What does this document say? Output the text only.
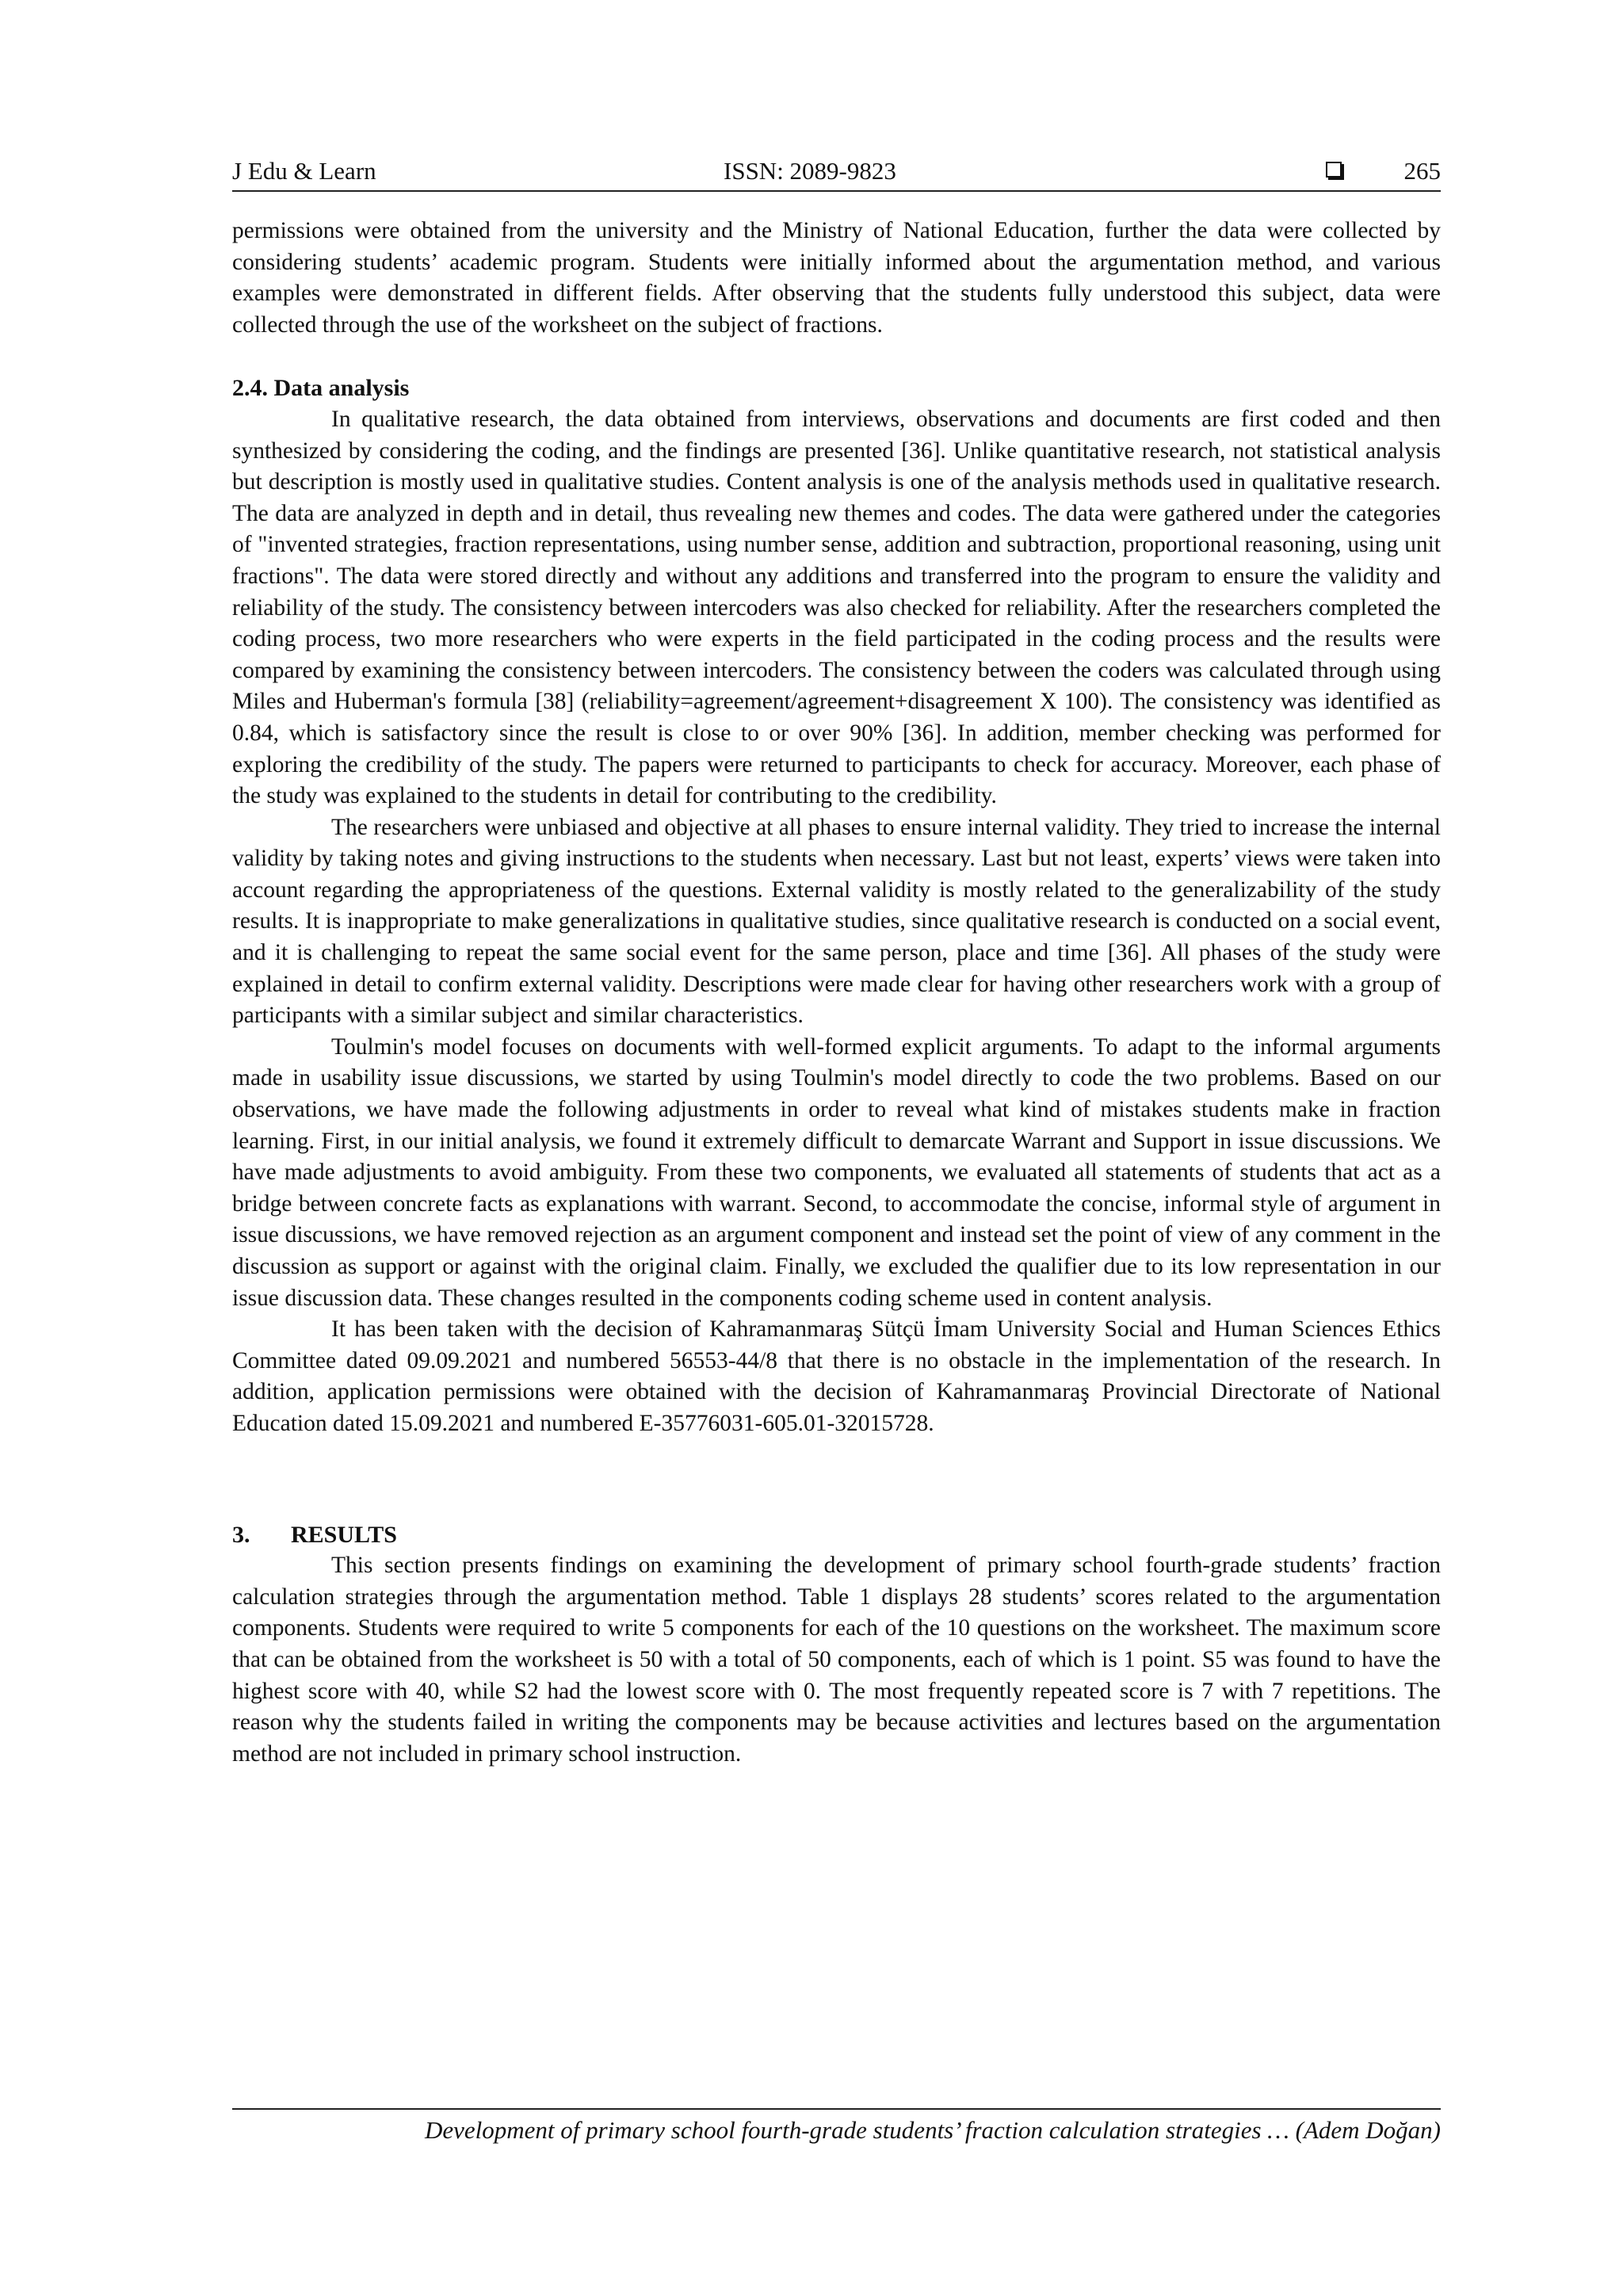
J Edu & Learn	ISSN: 2089-9823	265

permissions were obtained from the university and the Ministry of National Education, further the data were collected by considering students’ academic program. Students were initially informed about the argumentation method, and various examples were demonstrated in different fields. After observing that the students fully understood this subject, data were collected through the use of the worksheet on the subject of fractions.

2.4. Data analysis

In qualitative research, the data obtained from interviews, observations and documents are first coded and then synthesized by considering the coding, and the findings are presented [36]. Unlike quantitative research, not statistical analysis but description is mostly used in qualitative studies. Content analysis is one of the analysis methods used in qualitative research. The data are analyzed in depth and in detail, thus revealing new themes and codes. The data were gathered under the categories of "invented strategies, fraction representations, using number sense, addition and subtraction, proportional reasoning, using unit fractions". The data were stored directly and without any additions and transferred into the program to ensure the validity and reliability of the study. The consistency between intercoders was also checked for reliability. After the researchers completed the coding process, two more researchers who were experts in the field participated in the coding process and the results were compared by examining the consistency between intercoders. The consistency between the coders was calculated through using Miles and Huberman's formula [38] (reliability=agreement/agreement+disagreement X 100). The consistency was identified as 0.84, which is satisfactory since the result is close to or over 90% [36]. In addition, member checking was performed for exploring the credibility of the study. The papers were returned to participants to check for accuracy. Moreover, each phase of the study was explained to the students in detail for contributing to the credibility.

The researchers were unbiased and objective at all phases to ensure internal validity. They tried to increase the internal validity by taking notes and giving instructions to the students when necessary. Last but not least, experts’ views were taken into account regarding the appropriateness of the questions. External validity is mostly related to the generalizability of the study results. It is inappropriate to make generalizations in qualitative studies, since qualitative research is conducted on a social event, and it is challenging to repeat the same social event for the same person, place and time [36]. All phases of the study were explained in detail to confirm external validity. Descriptions were made clear for having other researchers work with a group of participants with a similar subject and similar characteristics.

Toulmin's model focuses on documents with well-formed explicit arguments. To adapt to the informal arguments made in usability issue discussions, we started by using Toulmin's model directly to code the two problems. Based on our observations, we have made the following adjustments in order to reveal what kind of mistakes students make in fraction learning. First, in our initial analysis, we found it extremely difficult to demarcate Warrant and Support in issue discussions. We have made adjustments to avoid ambiguity. From these two components, we evaluated all statements of students that act as a bridge between concrete facts as explanations with warrant. Second, to accommodate the concise, informal style of argument in issue discussions, we have removed rejection as an argument component and instead set the point of view of any comment in the discussion as support or against with the original claim. Finally, we excluded the qualifier due to its low representation in our issue discussion data. These changes resulted in the components coding scheme used in content analysis.

It has been taken with the decision of Kahramanmaraş Sütçü İmam University Social and Human Sciences Ethics Committee dated 09.09.2021 and numbered 56553-44/8 that there is no obstacle in the implementation of the research. In addition, application permissions were obtained with the decision of Kahramanmaraş Provincial Directorate of National Education dated 15.09.2021 and numbered E-35776031-605.01-32015728.

3.	RESULTS

This section presents findings on examining the development of primary school fourth-grade students’ fraction calculation strategies through the argumentation method. Table 1 displays 28 students’ scores related to the argumentation components. Students were required to write 5 components for each of the 10 questions on the worksheet. The maximum score that can be obtained from the worksheet is 50 with a total of 50 components, each of which is 1 point. S5 was found to have the highest score with 40, while S2 had the lowest score with 0. The most frequently repeated score is 7 with 7 repetitions. The reason why the students failed in writing the components may be because activities and lectures based on the argumentation method are not included in primary school instruction.

Development of primary school fourth-grade students’ fraction calculation strategies … (Adem Doğan)
